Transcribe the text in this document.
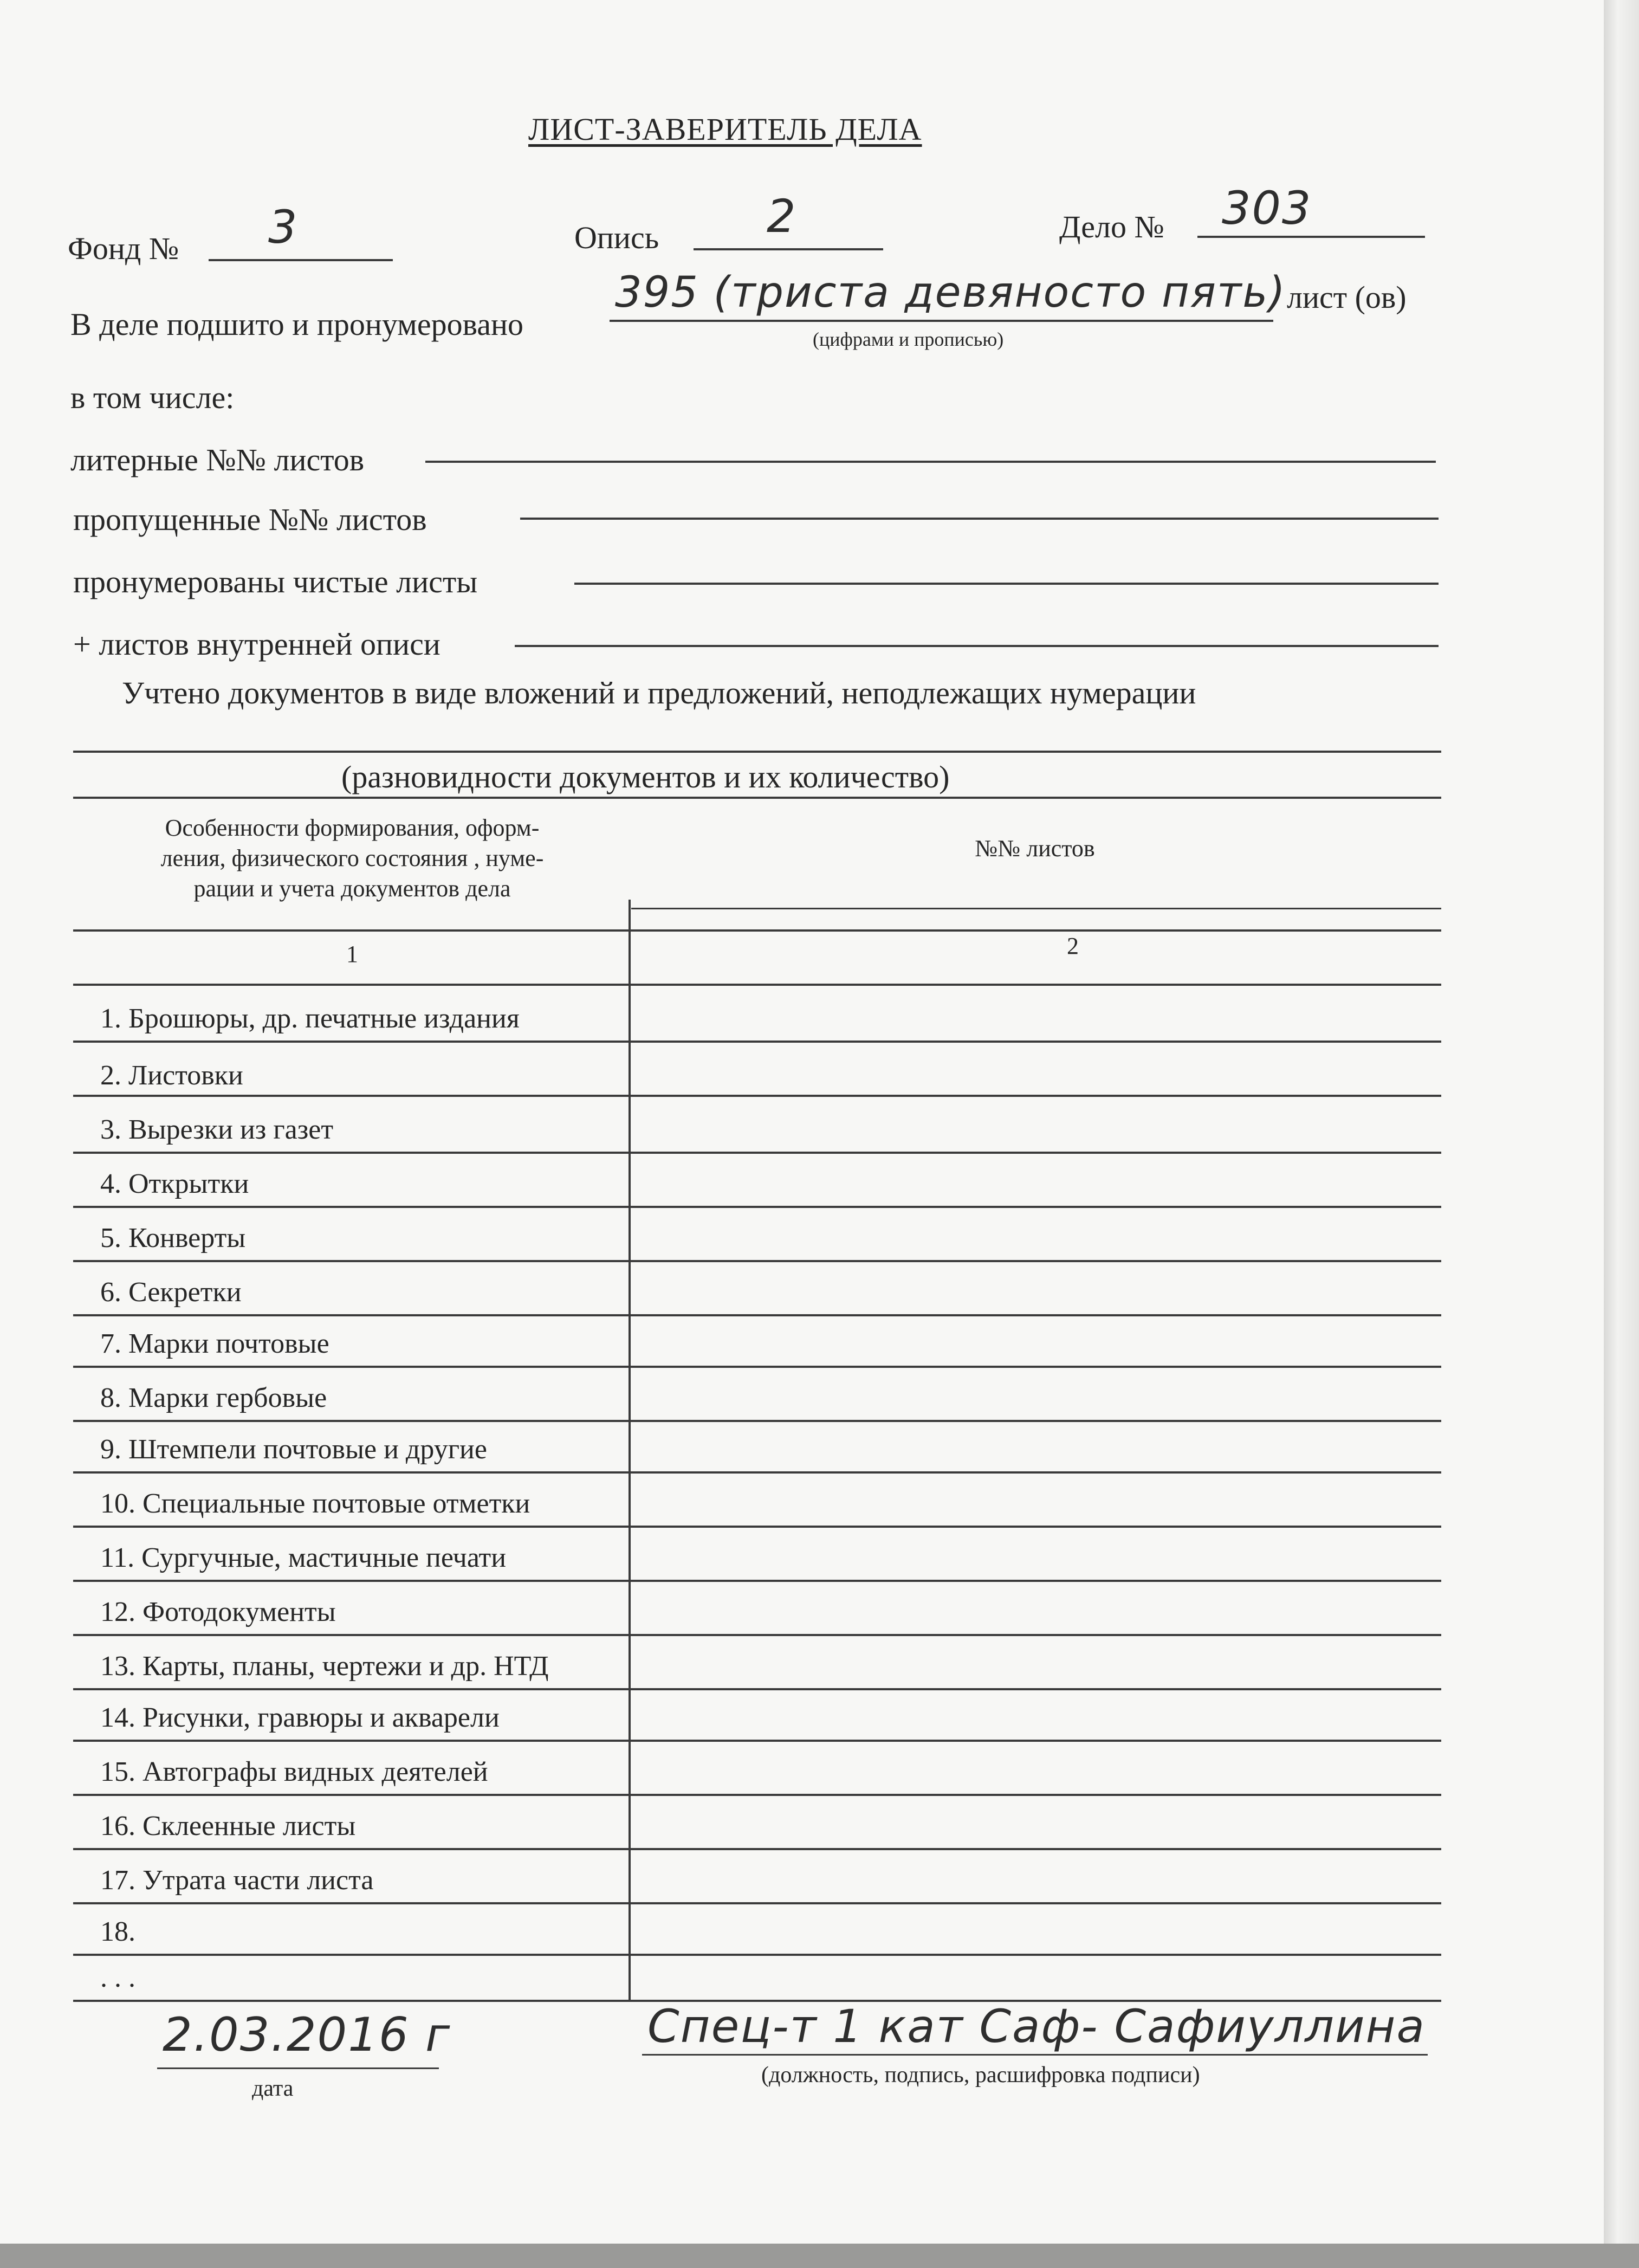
ЛИСТ-ЗАВЕРИТЕЛЬ ДЕЛА
Фонд № 3	Опись 2	Дело № 303
В деле подшито и пронумеровано
395 (триста девяносто пять) лист (ов)
(цифрами и прописью)
в том числе:
литерные №№ листов
пропущенные №№ листов
пронумерованы чистые листы
+ листов внутренней описи
Учтено документов в виде вложений и предложений, неподлежащих нумерации
(разновидности документов и их количество)
Особенности формирования, оформ-
ления, физического состояния , нуме-
рации и учета документов дела
№№ листов
1	2
1. Брошюры, др. печатные издания
2. Листовки
3. Вырезки из газет
4. Открытки
5. Конверты
6. Секретки
7. Марки почтовые
8. Марки гербовые
9. Штемпели почтовые и другие
10. Специальные почтовые отметки
11. Сургучные, мастичные печати
12. Фотодокументы
13. Карты, планы, чертежи и др. НТД
14. Рисунки, гравюры и акварели
15. Автографы видных деятелей
16. Склеенные листы
17. Утрата части листа
18.
. . .
2.03.2016 г
дата
Спец-т 1 кат Саф- Сафиуллина
(должность, подпись, расшифровка подписи)
